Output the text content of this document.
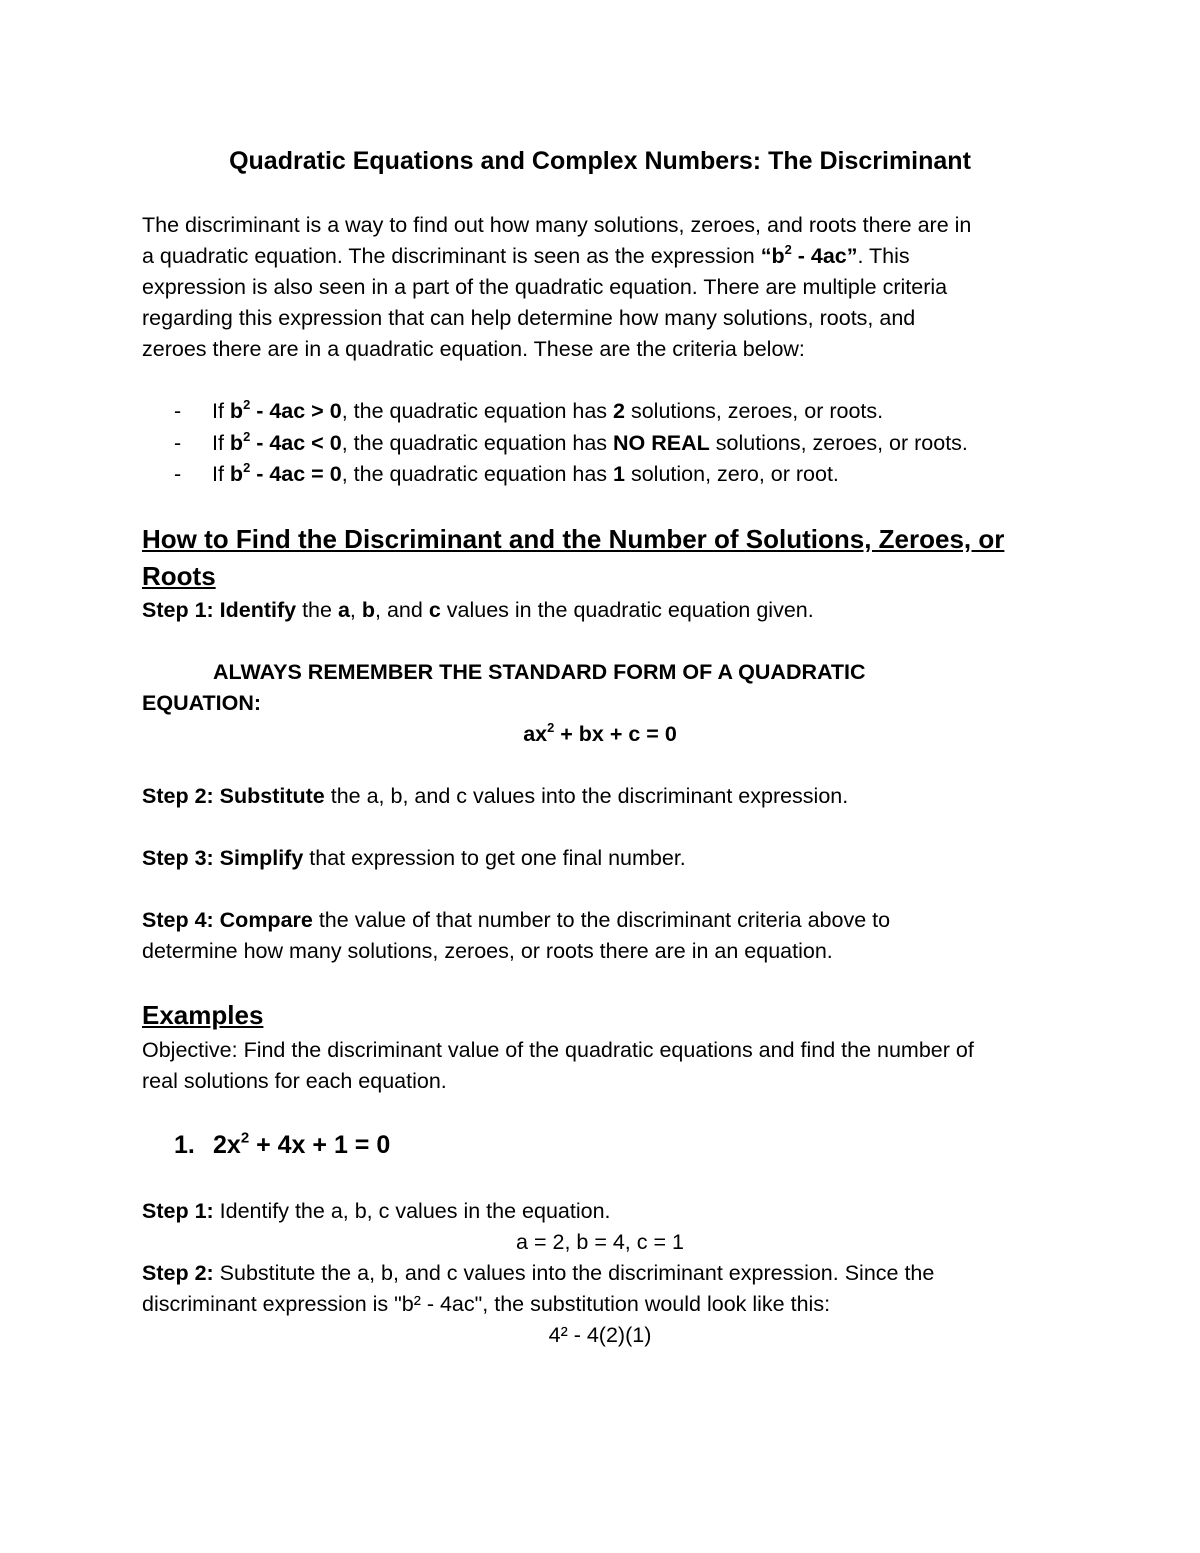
Quadratic Equations and Complex Numbers: The Discriminant
The discriminant is a way to find out how many solutions, zeroes, and roots there are in
a quadratic equation. The discriminant is seen as the expression “$b^2 - 4ac$”. This
expression is also seen in a part of the quadratic equation. There are multiple criteria
regarding this expression that can help determine how many solutions, roots, and
zeroes there are in a quadratic equation. These are the criteria below:
- If $b^2 - 4ac > 0$, the quadratic equation has 2 solutions, zeroes, or roots.
- If $b^2 - 4ac < 0$, the quadratic equation has NO REAL solutions, zeroes, or roots.
- If $b^2 - 4ac = 0$, the quadratic equation has 1 solution, zero, or root.
How to Find the Discriminant and the Number of Solutions, Zeroes, or
Roots
Step 1: Identify the a, b, and c values in the quadratic equation given.
ALWAYS REMEMBER THE STANDARD FORM OF A QUADRATIC
EQUATION:
$ax^2$ + bx + c = 0
Step 2: Substitute the a, b, and c values into the discriminant expression.
Step 3: Simplify that expression to get one final number.
Step 4: Compare the value of that number to the discriminant criteria above to
determine how many solutions, zeroes, or roots there are in an equation.
Examples
Objective: Find the discriminant value of the quadratic equations and find the number of
real solutions for each equation.
1. $2x^2 + 4x + 1 = 0$
Step 1: Identify the a, b, c values in the equation.
a = 2, b = 4, c = 1
Step 2: Substitute the a, b, and c values into the discriminant expression. Since the
discriminant expression is "b² - 4ac", the substitution would look like this:
4² - 4(2)(1)
